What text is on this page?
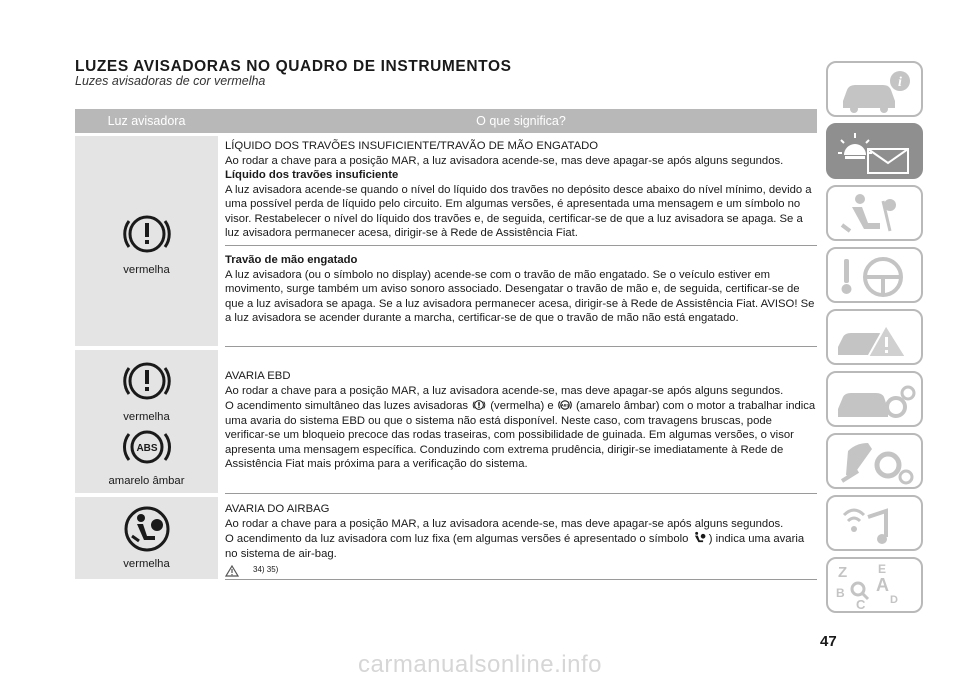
LUZES AVISADORAS NO QUADRO DE INSTRUMENTOS
Luzes avisadoras de cor vermelha
Luz avisadora	O que significa?
vermelha
vermelha
ABS
amarelo âmbar
vermelha

LÍQUIDO DOS TRAVÕES INSUFICIENTE/TRAVÃO DE MÃO ENGATADO

Ao rodar a chave para a posição MAR, a luz avisadora acende-se, mas deve apagar-se após alguns segundos.

Líquido dos travões insuficiente

A luz avisadora acende-se quando o nível do líquido dos travões no depósito desce abaixo do nível mínimo, devido a uma possível perda de líquido pelo circuito. Em algumas versões, é apresentada uma mensagem e um símbolo no visor. Restabelecer o nível do líquido dos travões e, de seguida, certificar-se de que a luz avisadora se apaga. Se a luz avisadora permanecer acesa, dirigir-se à Rede de Assistência Fiat.

Travão de mão engatado

A luz avisadora (ou o símbolo no display) acende-se com o travão de mão engatado. Se o veículo estiver em movimento, surge também um aviso sonoro associado. Desengatar o travão de mão e, de seguida, certificar-se de que a luz avisadora se apaga. Se a luz avisadora permanecer acesa, dirigir-se à Rede de Assistência Fiat. AVISO! Se a luz avisadora se acender durante a marcha, certificar-se de que o travão de mão não está engatado.

AVARIA EBD

Ao rodar a chave para a posição MAR, a luz avisadora acende-se, mas deve apagar-se após alguns segundos.

O acendimento simultâneo das luzes avisadoras (vermelha) e ABS (amarelo âmbar) com o motor a trabalhar indica uma avaria do sistema EBD ou que o sistema não está disponível. Neste caso, com travagens bruscas, pode verificar-se um bloqueio precoce das rodas traseiras, com possibilidade de guinada. Em algumas versões, o visor apresenta uma mensagem específica. Conduzindo com extrema prudência, dirigir-se imediatamente à Rede de Assistência Fiat mais próxima para a verificação do sistema.

AVARIA DO AIRBAG

Ao rodar a chave para a posição MAR, a luz avisadora acende-se, mas deve apagar-se após alguns segundos.

O acendimento da luz avisadora com luz fixa (em algumas versões é apresentado o símbolo ) indica uma avaria no sistema de air-bag.

34) 35)

47
carmanualsonline.info
i
Z	E
A
B
C D
